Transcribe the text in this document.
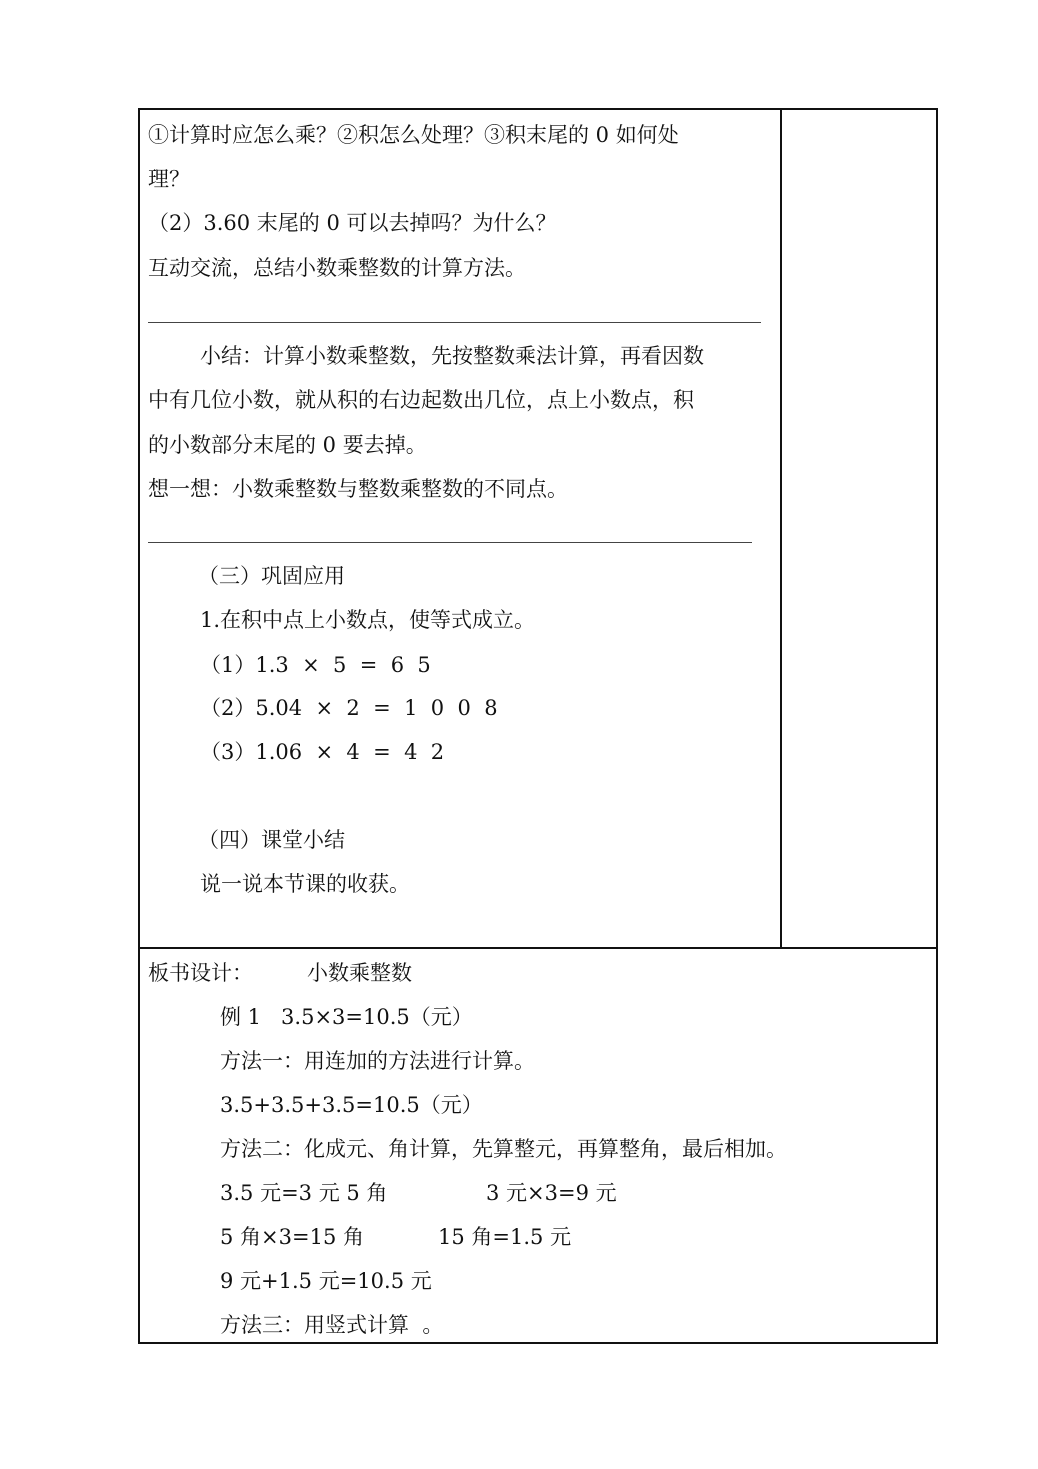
①计算时应怎么乘？②积怎么处理？③积末尾的 0 如何处
理？
（2）3.60 末尾的 0 可以去掉吗？为什么？
互动交流，总结小数乘整数的计算方法。
小结：计算小数乘整数，先按整数乘法计算，再看因数
中有几位小数，就从积的右边起数出几位，点上小数点，积
的小数部分末尾的 0 要去掉。
想一想：小数乘整数与整数乘整数的不同点。
（三）巩固应用
1.在积中点上小数点，使等式成立。
（1）1.3  ×  5  =  6  5
（2）5.04  ×  2  =  1  0  0  8
（3）1.06  ×  4  =  4  2
（四）课堂小结
说一说本节课的收获。
板书设计：	小数乘整数
例 1   3.5×3=10.5（元）
方法一：用连加的方法进行计算。
3.5+3.5+3.5=10.5（元）
方法二：化成元、角计算，先算整元，再算整角，最后相加。
3.5 元=3 元 5 角	3 元×3=9 元
5 角×3=15 角	15 角=1.5 元
9 元+1.5 元=10.5 元
方法三：用竖式计算  。
